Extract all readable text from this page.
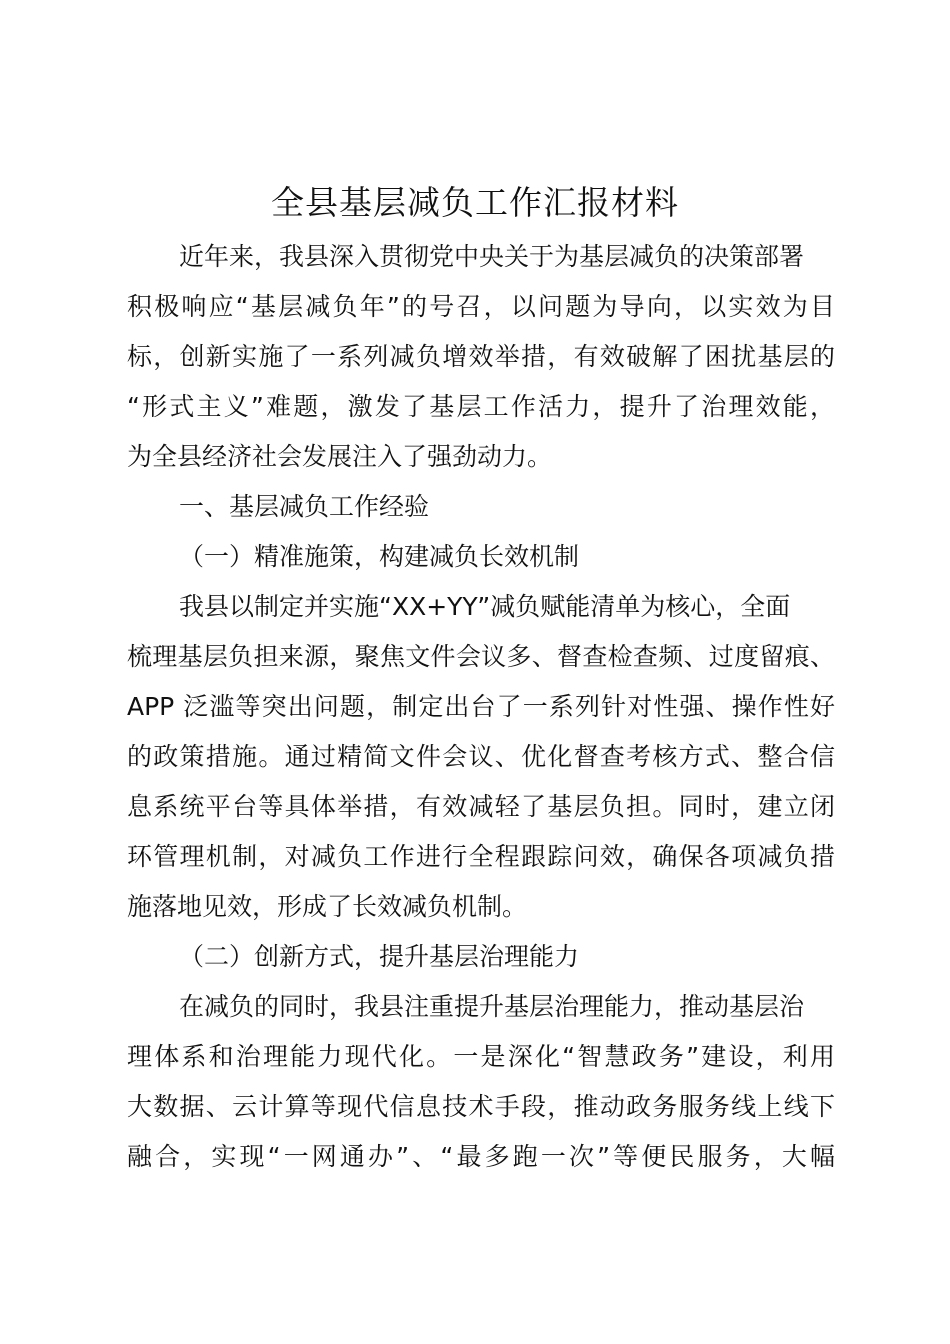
全县基层减负工作汇报材料
近年来，我县深入贯彻党中央关于为基层减负的决策部署
积极响应“基层减负年”的号召，以问题为导向，以实效为目
标，创新实施了一系列减负增效举措，有效破解了困扰基层的
“形式主义”难题，激发了基层工作活力，提升了治理效能，
为全县经济社会发展注入了强劲动力。
一、基层减负工作经验
（一）精准施策，构建减负长效机制
我县以制定并实施“XX+YY”减负赋能清单为核心，全面
梳理基层负担来源，聚焦文件会议多、督查检查频、过度留痕、
APP 泛滥等突出问题，制定出台了一系列针对性强、操作性好
的政策措施。通过精简文件会议、优化督查考核方式、整合信
息系统平台等具体举措，有效减轻了基层负担。同时，建立闭
环管理机制，对减负工作进行全程跟踪问效，确保各项减负措
施落地见效，形成了长效减负机制。
（二）创新方式，提升基层治理能力
在减负的同时，我县注重提升基层治理能力，推动基层治
理体系和治理能力现代化。一是深化“智慧政务”建设，利用
大数据、云计算等现代信息技术手段，推动政务服务线上线下
融合，实现“一网通办”、“最多跑一次”等便民服务，大幅
